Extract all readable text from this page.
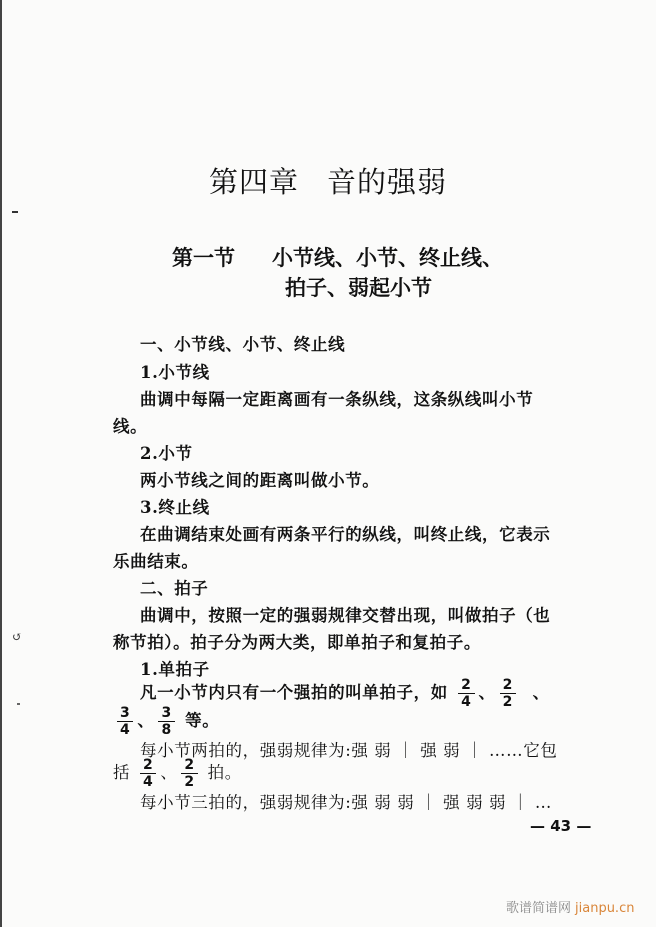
↺
第四章 音的强弱
第一节 小节线、小节、终止线、
拍子、弱起小节
一、小节线、小节、终止线
1.小节线
曲调中每隔一定距离画有一条纵线，这条纵线叫小节
线。
2.小节
两小节线之间的距离叫做小节。
3.终止线
在曲调结束处画有两条平行的纵线，叫终止线，它表示
乐曲结束。
二、拍子
曲调中，按照一定的强弱规律交替出现，叫做拍子（也
称节拍）。拍子分为两大类，即单拍子和复拍子。
1.单拍子
凡一小节内只有一个强拍的叫单拍子，如 $\frac{2}{4}$ 、 $\frac{2}{2}$ 、
$\frac{3}{4}$ 、 $\frac{3}{8}$ 等。
每小节两拍的，强弱规律为:强 弱 ｜ 强 弱 ｜ ……它包
括 $\frac{2}{4}$ 、 $\frac{2}{2}$ 拍。
每小节三拍的，强弱规律为:强 弱 弱 ｜ 强 弱 弱 ｜ …
— 43 —
歌谱简谱网 jianpu.cn
